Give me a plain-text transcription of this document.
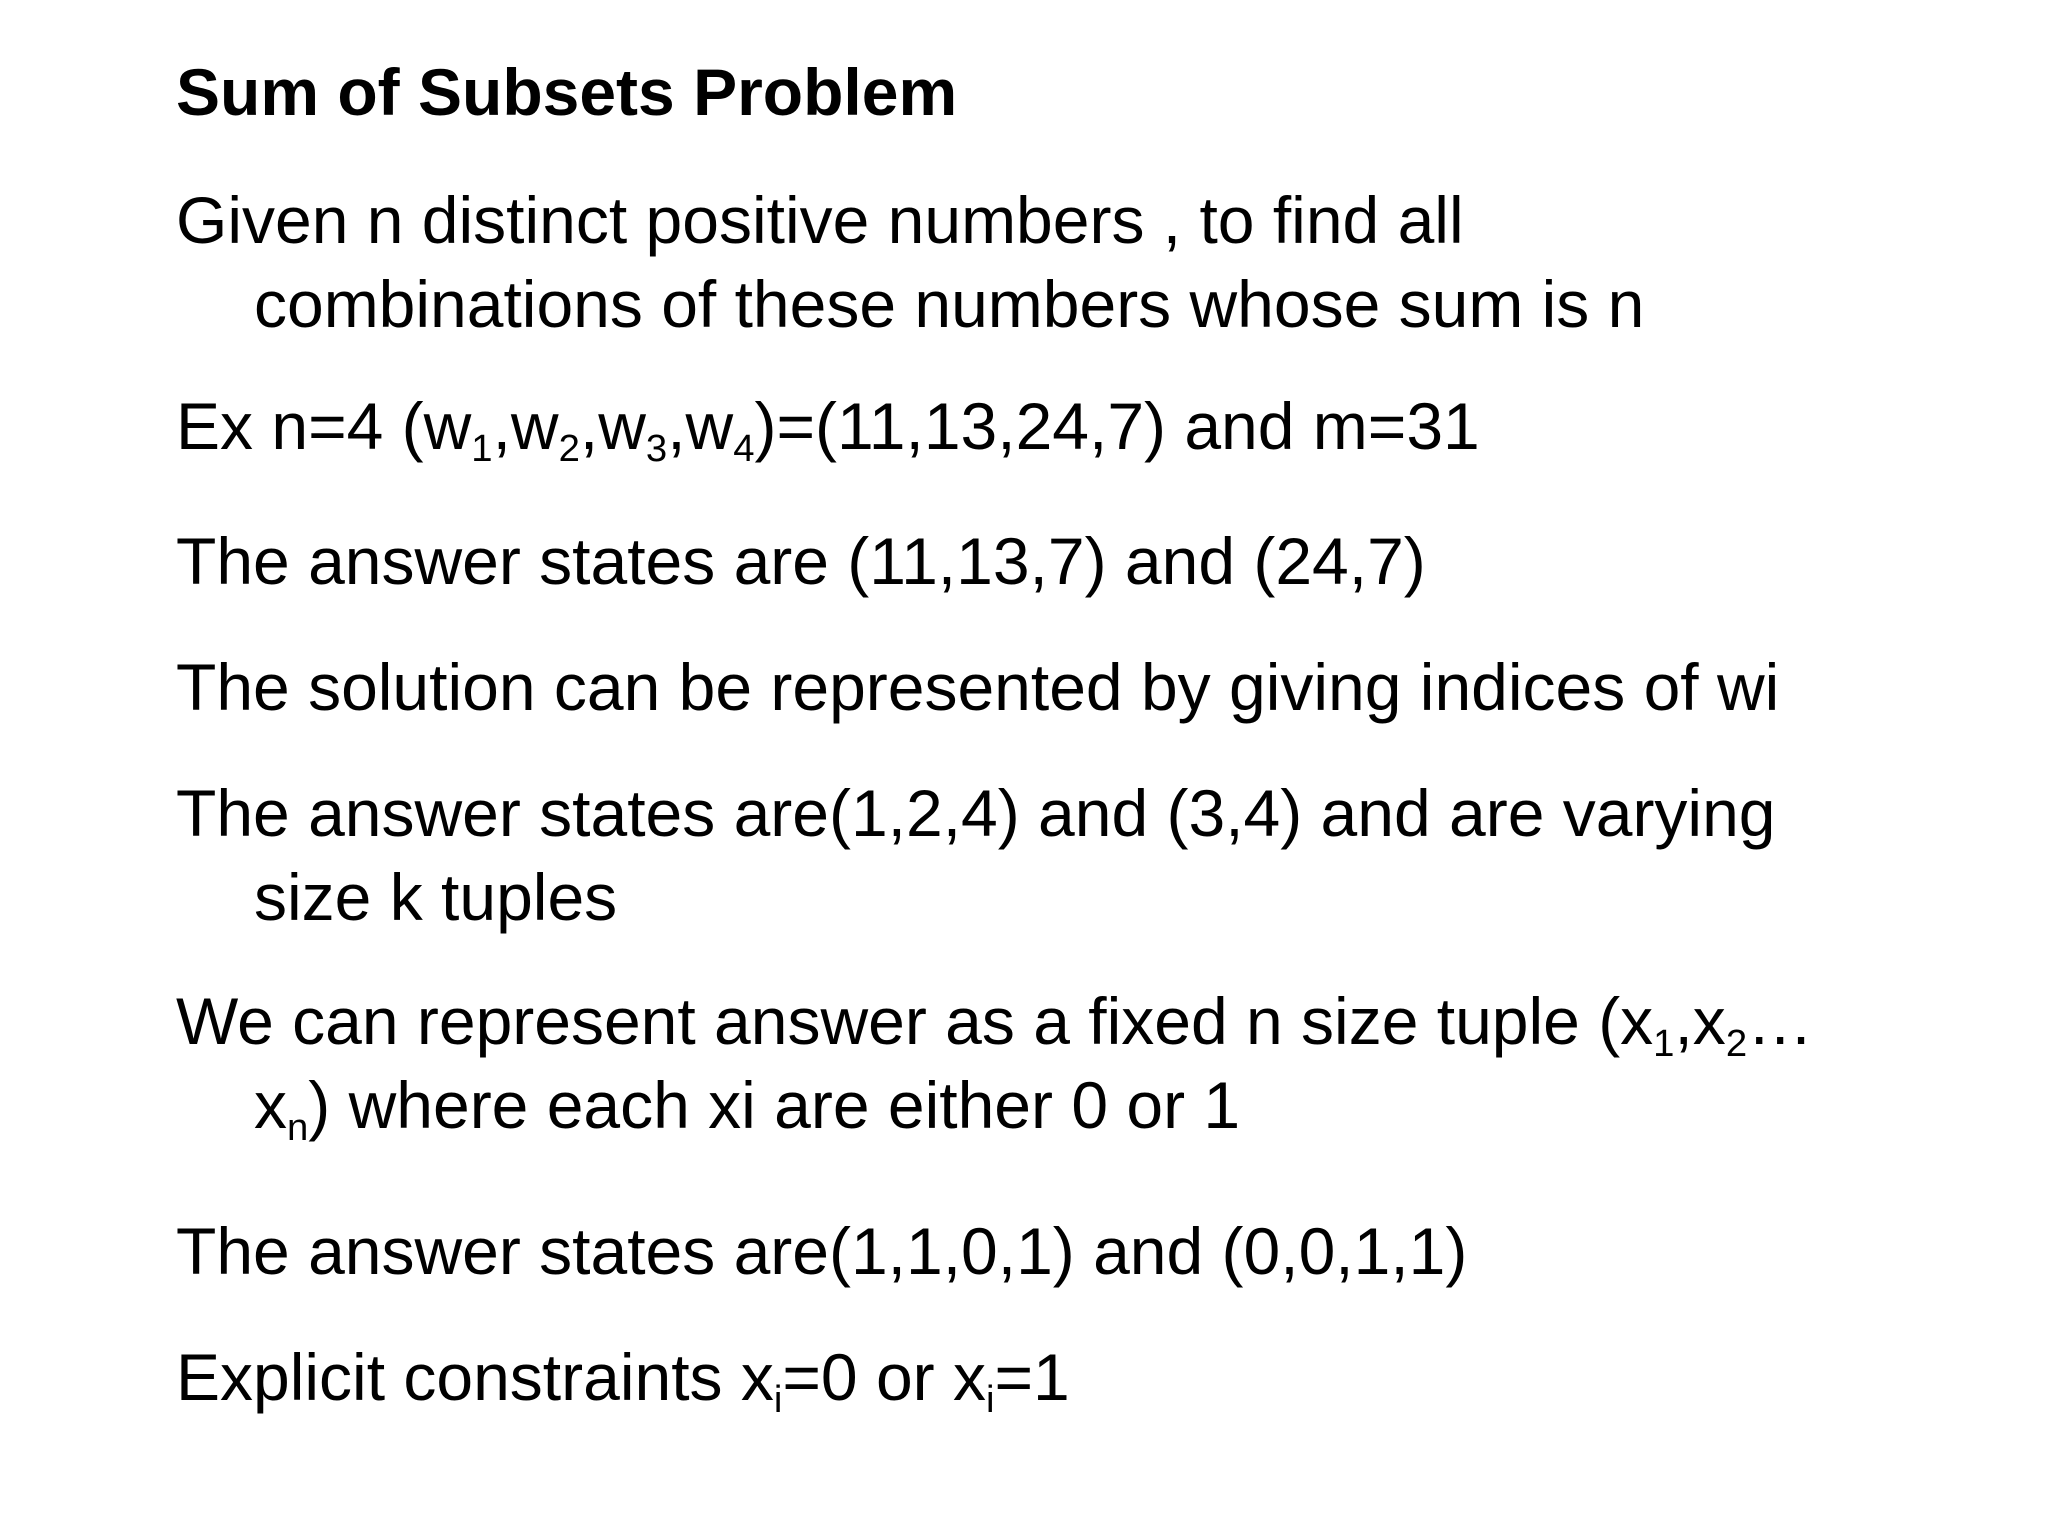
Sum of Subsets Problem
Given n distinct positive numbers , to find all
combinations of these numbers whose sum is n
Ex n=4 $(w_1,w_2,w_3,w_4)=(11,13,24,7)$ and m=31
The answer states are (11,13,7) and (24,7)
The solution can be represented by giving indices of wi
The answer states are(1,2,4) and (3,4) and are varying
size k tuples
We can represent answer as a fixed n size tuple ($x_1,x_2\dots$
$x_n$) where each xi are either 0 or 1
The answer states are(1,1,0,1) and (0,0,1,1)
Explicit constraints $x_i=0$ or $x_i=1$
